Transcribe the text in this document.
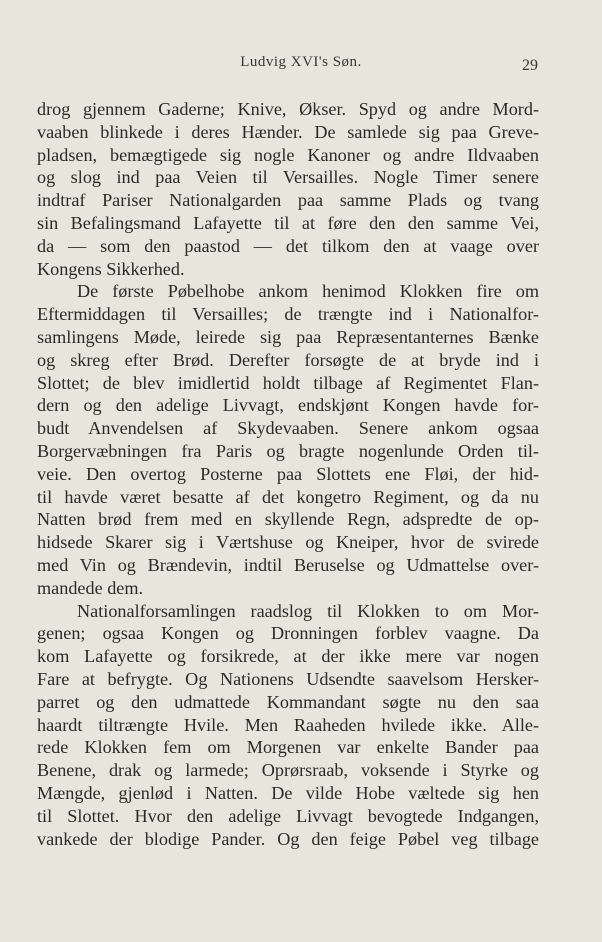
Ludvig XVI's Søn.	29
drog gjennem Gaderne; Knive, Økser. Spyd og andre Mord-
vaaben blinkede i deres Hænder. De samlede sig paa Greve-
pladsen, bemægtigede sig nogle Kanoner og andre Ildvaaben
og slog ind paa Veien til Versailles. Nogle Timer senere
indtraf Pariser Nationalgarden paa samme Plads og tvang
sin Befalingsmand Lafayette til at føre den den samme Vei,
da — som den paastod — det tilkom den at vaage over
Kongens Sikkerhed.
De første Pøbelhobe ankom henimod Klokken fire om
Eftermiddagen til Versailles; de trængte ind i Nationalfor-
samlingens Møde, leirede sig paa Repræsentanternes Bænke
og skreg efter Brød. Derefter forsøgte de at bryde ind i
Slottet; de blev imidlertid holdt tilbage af Regimentet Flan-
dern og den adelige Livvagt, endskjønt Kongen havde for-
budt Anvendelsen af Skydevaaben. Senere ankom ogsaa
Borgervæbningen fra Paris og bragte nogenlunde Orden til-
veie. Den overtog Posterne paa Slottets ene Fløi, der hid-
til havde været besatte af det kongetro Regiment, og da nu
Natten brød frem med en skyllende Regn, adspredte de op-
hidsede Skarer sig i Værtshuse og Kneiper, hvor de svirede
med Vin og Brændevin, indtil Beruselse og Udmattelse over-
mandede dem.
Nationalforsamlingen raadslog til Klokken to om Mor-
genen; ogsaa Kongen og Dronningen forblev vaagne. Da
kom Lafayette og forsikrede, at der ikke mere var nogen
Fare at befrygte. Og Nationens Udsendte saavelsom Hersker-
parret og den udmattede Kommandant søgte nu den saa
haardt tiltrængte Hvile. Men Raaheden hvilede ikke. Alle-
rede Klokken fem om Morgenen var enkelte Bander paa
Benene, drak og larmede; Oprørsraab, voksende i Styrke og
Mængde, gjenlød i Natten. De vilde Hobe væltede sig hen
til Slottet. Hvor den adelige Livvagt bevogtede Indgangen,
vankede der blodige Pander. Og den feige Pøbel veg tilbage
